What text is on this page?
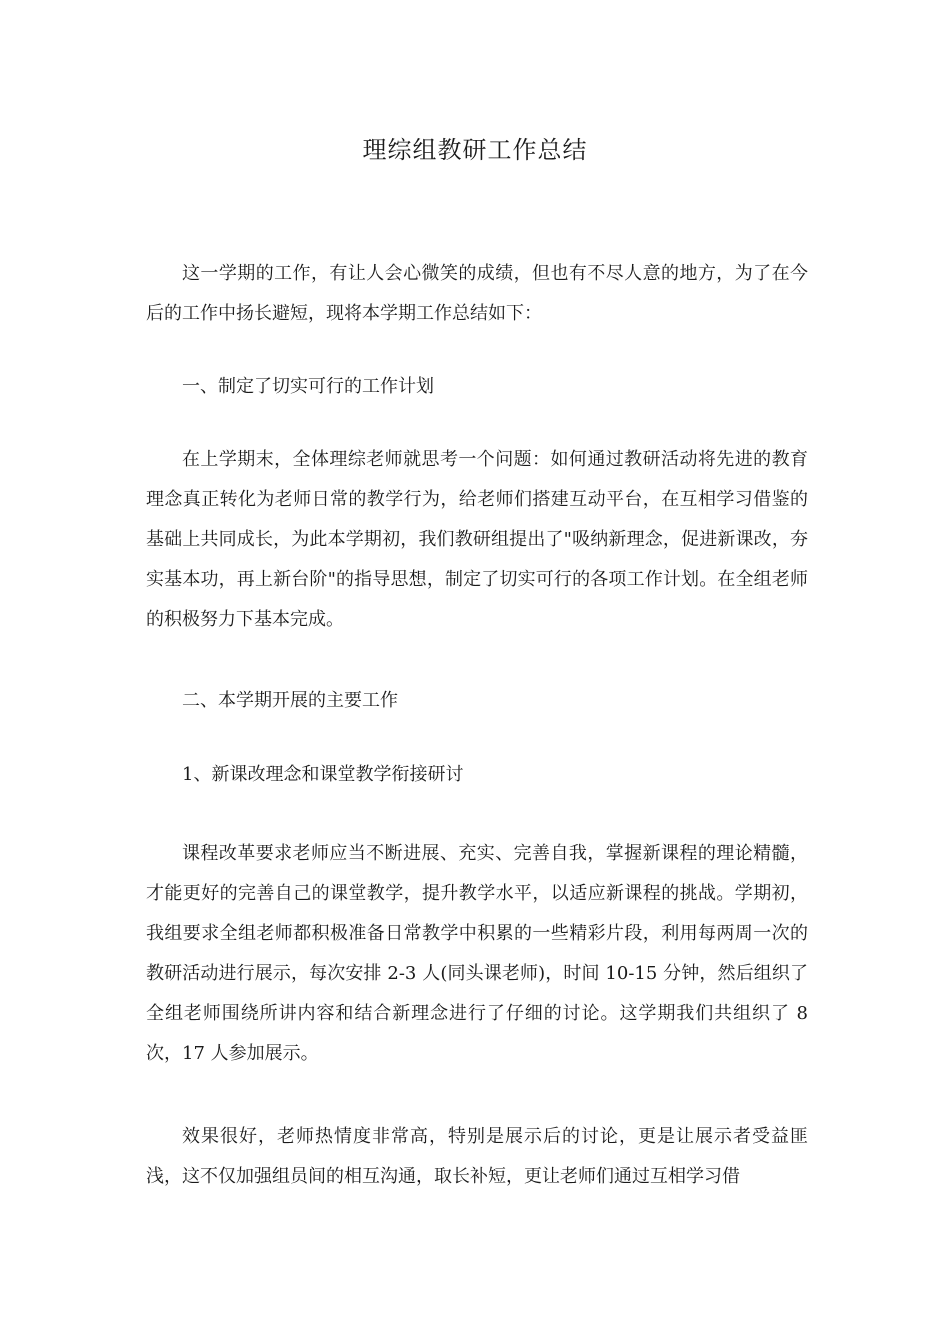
理综组教研工作总结

这一学期的工作，有让人会心微笑的成绩，但也有不尽人意的地方，为了在今后的工作中扬长避短，现将本学期工作总结如下：

一、制定了切实可行的工作计划

在上学期末，全体理综老师就思考一个问题：如何通过教研活动将先进的教育理念真正转化为老师日常的教学行为，给老师们搭建互动平台，在互相学习借鉴的基础上共同成长，为此本学期初，我们教研组提出了"吸纳新理念，促进新课改，夯实基本功，再上新台阶"的指导思想，制定了切实可行的各项工作计划。在全组老师的积极努力下基本完成。

二、本学期开展的主要工作

1、新课改理念和课堂教学衔接研讨

课程改革要求老师应当不断进展、充实、完善自我，掌握新课程的理论精髓，才能更好的完善自己的课堂教学，提升教学水平，以适应新课程的挑战。学期初，我组要求全组老师都积极准备日常教学中积累的一些精彩片段，利用每两周一次的教研活动进行展示，每次安排 2-3 人(同头课老师)，时间 10-15 分钟，然后组织了全组老师围绕所讲内容和结合新理念进行了仔细的讨论。这学期我们共组织了 8 次，17 人参加展示。

效果很好，老师热情度非常高，特别是展示后的讨论，更是让展示者受益匪浅，这不仅加强组员间的相互沟通，取长补短，更让老师们通过互相学习借
